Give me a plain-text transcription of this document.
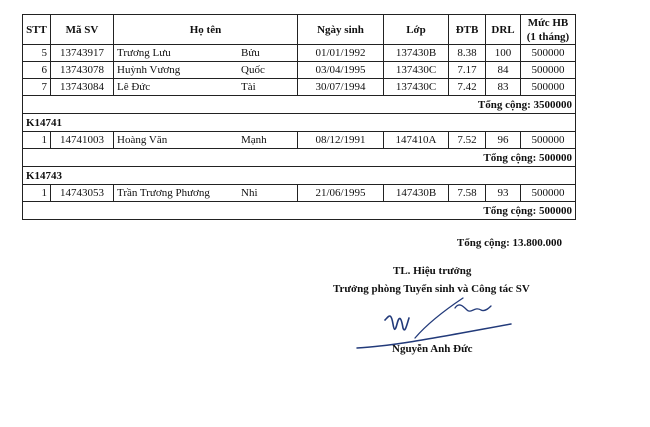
STT	Mã SV	Họ tên	Ngày sinh	Lớp	ĐTB	DRL	Mức HB (1 tháng)
5	13743917	Trương Lưu Bửu	01/01/1992	137430B	8.38	100	500000
6	13743078	Huỳnh Vương Quốc	03/04/1995	137430C	7.17	84	500000
7	13743084	Lê Đức Tài	30/07/1994	137430C	7.42	83	500000
Tổng cộng: 3500000							
K14741							
1	14741003	Hoàng Văn Mạnh	08/12/1991	147410A	7.52	96	500000
Tổng cộng: 500000							
K14743							
1	14743053	Trần Trương Phương Nhi	21/06/1995	147430B	7.58	93	500000
Tổng cộng: 500000							
Tổng cộng: 13.800.000
TL. Hiệu trưởng
Trưởng phòng Tuyển sinh và Công tác SV
Nguyễn Anh Đức
